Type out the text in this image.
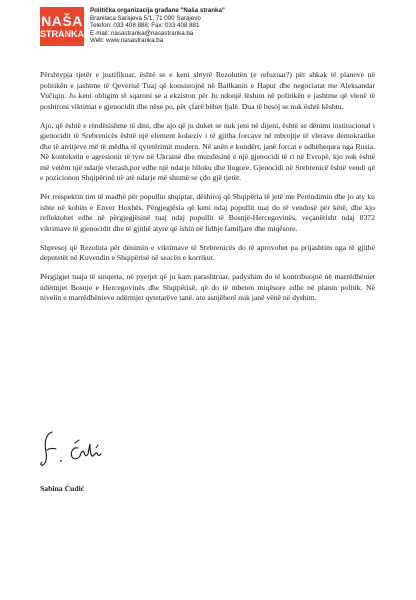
NAŠA
STRANKA
Politička organizacija građana "Naša stranka"
Branilaca Sarajeva 5/1, 71 000 Sarajevo
Telefon: 033 408 888; Fax: 033 408 881
E-mail: nasastranka@nasastranka.ba
Web: www.nasastranka.ba

Përshtypja tjetër e justifikuar, është se e keni shtyrë Rezolutën (e refuzuar?) për shkak të planeve në politikën e jashtme të Qeverisë Tuaj që konsistojnë në Ballkanin e Hapur dhe negociatat me Aleksandar Vučiqin. Ju keni obligim të sqaroni se a ekziston për Ju ndonjë lëshim në politikën e jashtme që vlenë të poshtroni viktimat e gjenocidit dhe nëse po, për çfarë bëhet fjalë. Dua të besoj se nuk është kështu.

Ajo, që është e rëndësishme të dini, dhe ajo që ju duket se nuk jeni në dijeni, është se dënimi institucional i gjenocidit të Srebrenicës është një element koheziv i të gjitha forcave në mbrojtje të vlerave demokratike dhe të arritjeve më të mëdha të qytetërimit modern. Në anën e kundërt, janë forcat e udhëhequra nga Rusia. Në kontekstin e agresionit të tyre në Ukrainë dhe mundësinë e një gjenocidi të ri në Evropë, kjo nuk është më vetëm një ndarje vlerash,por edhe një ndarje blloku dhe llogore. Gjenocidi në Srebrenicë është vendi që e pozicionon Shqipërinë në atë ndarje më shumë se çdo gjë tjetër.

Për rrespektin tim të madhë për popullin shqiptar, dëshiroj që Shqipëria të jetë me Perëndimin dhe jo aty ku ishte në kohën e Enver Hoxhës. Përgjegjësia që keni ndaj popullit tuaj do të vendosë për këtë, dhe kjo reflektohet edhe në përgjegjësinë tuaj ndaj popullit të Bosnjë-Hercegovinës, veçanërisht ndaj 8372 viktimave të gjenocidit dhe të gjithë atyre që ishin në lidhje familjare dhe miqësore.

Shpresoj që Rezoluta për dënimin e viktimave të Srebrenicës do të aprovohet pa prijashtim nga të gjithë deputetët në Kuvendin e Shqipërisë në seacën e korrikut.

Përgjigjet tuaja të sinqerta, në pyetjet që ju kam parashtruar, padyshim do të kontribuojnë në marrëdhëniet ndërmjet Bosnje e Hercegovinës dhe Shqipërisë, që do të mbeten miqësore edhe në planin politik. Në nivelin e marrëdhënieve ndërmjet qytetarëve tanë, ato asnjëherë nuk janë vënë në dyshim.

Sabina Ćudić
